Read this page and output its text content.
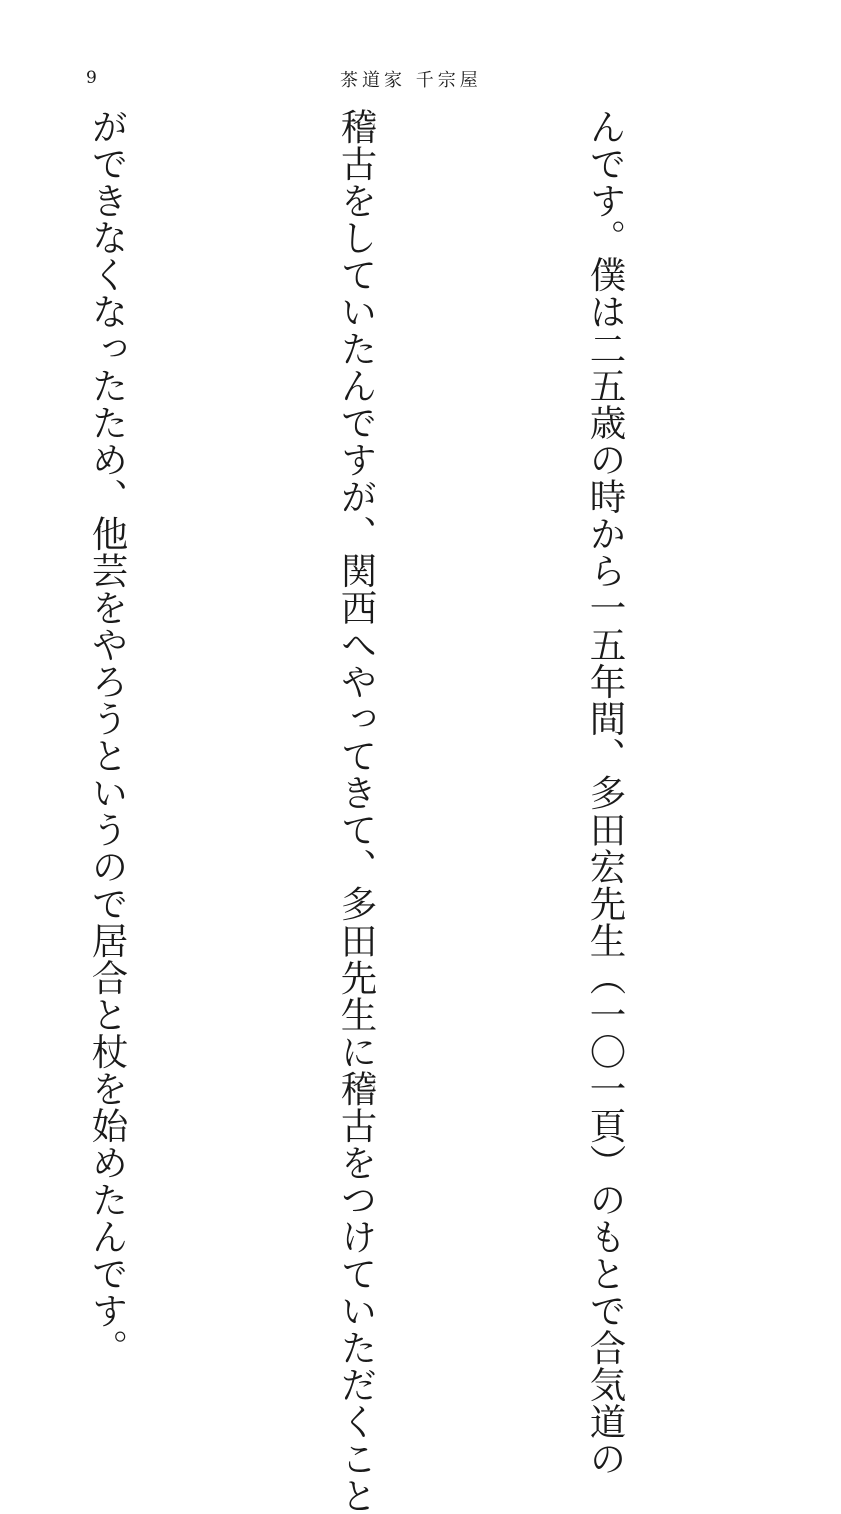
9	茶道家 千宗屋

んです。僕は二五歳の時から一五年間、多田宏先生（一〇一頁）のもとで合気道の

稽古をしていたんですが、関西へやってきて、多田先生に稽古をつけていただくこと

ができなくなったため、他芸をやろうというので居合と杖を始めたんです。
